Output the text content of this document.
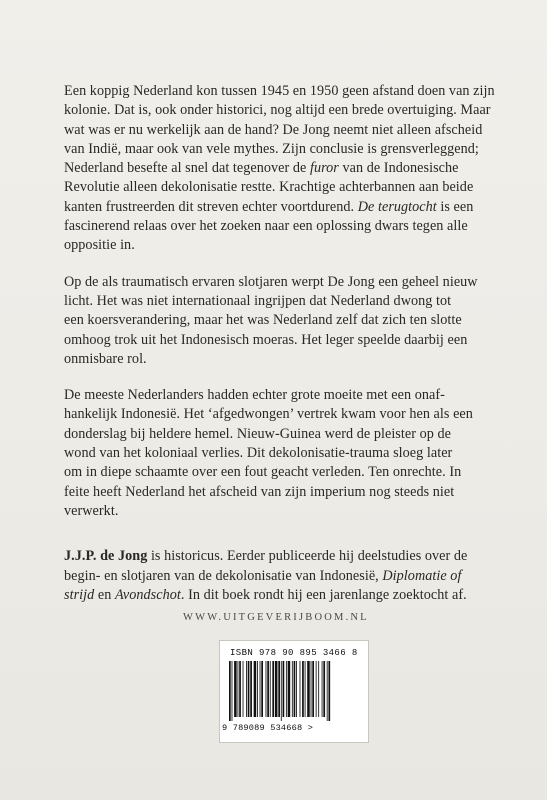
Een koppig Nederland kon tussen 1945 en 1950 geen afstand doen van zijn
kolonie. Dat is, ook onder historici, nog altijd een brede overtuiging. Maar
wat was er nu werkelijk aan de hand? De Jong neemt niet alleen afscheid
van Indië, maar ook van vele mythes. Zijn conclusie is grensverleggend;
Nederland besefte al snel dat tegenover de furor van de Indonesische
Revolutie alleen dekolonisatie restte. Krachtige achterbannen aan beide
kanten frustreerden dit streven echter voortdurend. De terugtocht is een
fascinerend relaas over het zoeken naar een oplossing dwars tegen alle
oppositie in.

Op de als traumatisch ervaren slotjaren werpt De Jong een geheel nieuw
licht. Het was niet internationaal ingrijpen dat Nederland dwong tot
een koersverandering, maar het was Nederland zelf dat zich ten slotte
omhoog trok uit het Indonesisch moeras. Het leger speelde daarbij een
onmisbare rol.

De meeste Nederlanders hadden echter grote moeite met een onaf-
hankelijk Indonesië. Het ‘afgedwongen’ vertrek kwam voor hen als een
donderslag bij heldere hemel. Nieuw-Guinea werd de pleister op de
wond van het koloniaal verlies. Dit dekolonisatie-trauma sloeg later
om in diepe schaamte over een fout geacht verleden. Ten onrechte. In
feite heeft Nederland het afscheid van zijn imperium nog steeds niet
verwerkt.

J.J.P. de Jong is historicus. Eerder publiceerde hij deelstudies over de
begin- en slotjaren van de dekolonisatie van Indonesië, Diplomatie of
strijd en Avondschot. In dit boek rondt hij een jarenlange zoektocht af.

WWW.UITGEVERIJBOOM.NL
ISBN 978 90 895 3466 8
9 789089 534668 >
